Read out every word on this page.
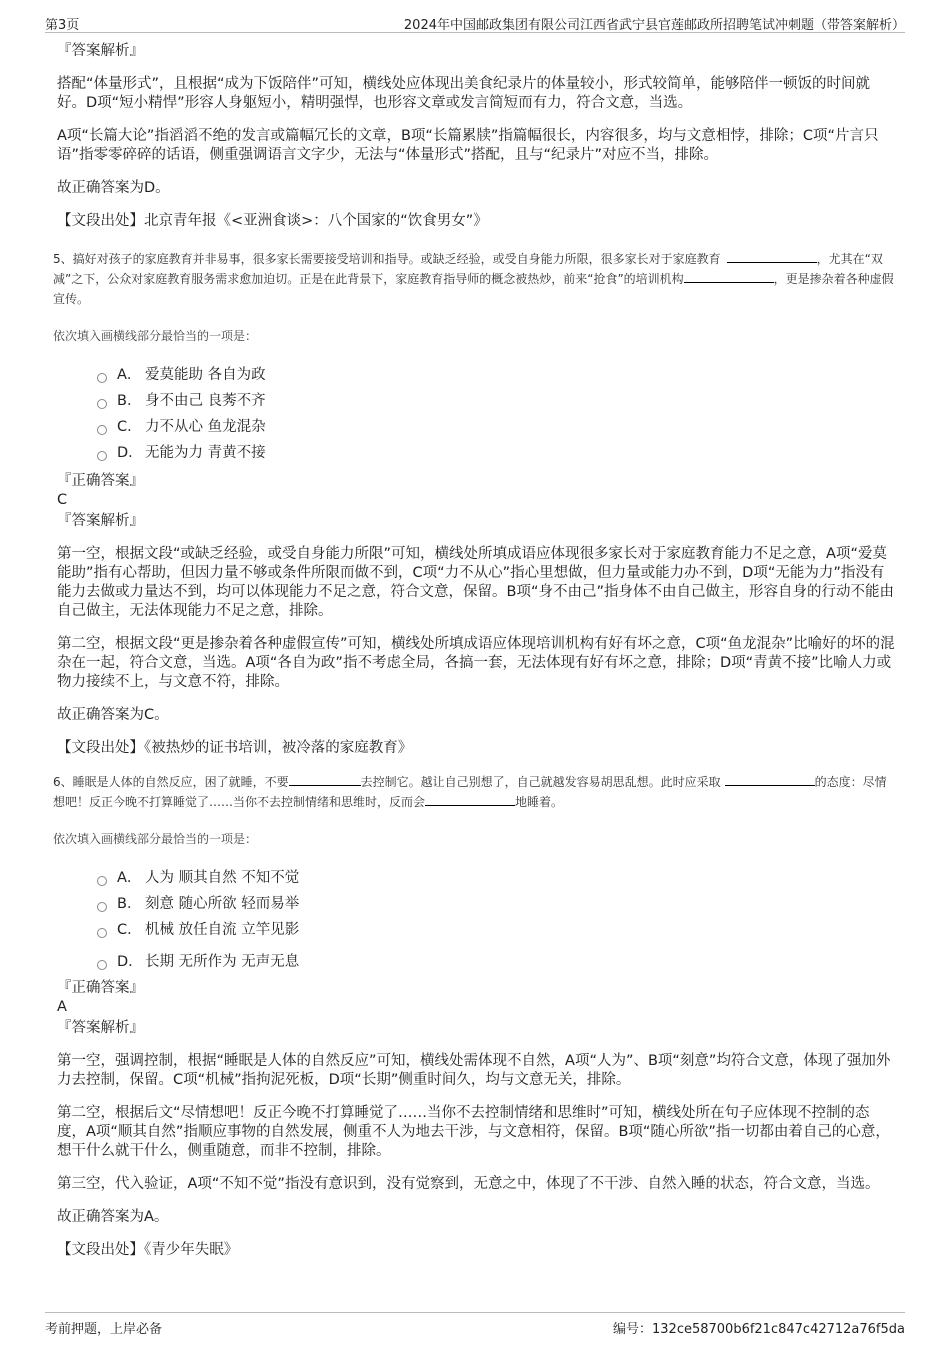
第3页	2024年中国邮政集团有限公司江西省武宁县官莲邮政所招聘笔试冲刺题（带答案解析）

『答案解析』

搭配“体量形式”，且根据“成为下饭陪伴”可知，横线处应体现出美食纪录片的体量较小，形式较简单，能够陪伴一顿饭的时间就好。D项“短小精悍”形容人身躯短小，精明强悍，也形容文章或发言简短而有力，符合文意，当选。

A项“长篇大论”指滔滔不绝的发言或篇幅冗长的文章，B项“长篇累牍”指篇幅很长，内容很多，均与文意相悖，排除；C项“片言只语”指零零碎碎的话语，侧重强调语言文字少，无法与“体量形式”搭配，且与“纪录片”对应不当，排除。

故正确答案为D。

【文段出处】北京青年报《<亚洲食谈>：八个国家的“饮食男女”》

5、搞好对孩子的家庭教育并非易事，很多家长需要接受培训和指导。或缺乏经验，或受自身能力所限，很多家长对于家庭教育	，尤其在“双减”之下，公众对家庭教育服务需求愈加迫切。正是在此背景下，家庭教育指导师的概念被热炒，前来“抢食”的培训机构	，更是掺杂着各种虚假宣传。

依次填入画横线部分最恰当的一项是：

A． 爱莫能助 各自为政
B． 身不由己 良莠不齐
C． 力不从心 鱼龙混杂
D． 无能为力 青黄不接

『正确答案』

C

『答案解析』

第一空，根据文段“或缺乏经验，或受自身能力所限”可知，横线处所填成语应体现很多家长对于家庭教育能力不足之意，A项“爱莫能助”指有心帮助，但因力量不够或条件所限而做不到，C项“力不从心”指心里想做，但力量或能力办不到，D项“无能为力”指没有能力去做或力量达不到，均可以体现能力不足之意，符合文意，保留。B项“身不由己”指身体不由自己做主，形容自身的行动不能由自己做主，无法体现能力不足之意，排除。

第二空，根据文段“更是掺杂着各种虚假宣传”可知，横线处所填成语应体现培训机构有好有坏之意，C项“鱼龙混杂”比喻好的坏的混杂在一起，符合文意，当选。A项“各自为政”指不考虑全局，各搞一套，无法体现有好有坏之意，排除；D项“青黄不接”比喻人力或物力接续不上，与文意不符，排除。

故正确答案为C。

【文段出处】《被热炒的证书培训，被冷落的家庭教育》

6、睡眠是人体的自然反应，困了就睡，不要	去控制它。越让自己别想了，自己就越发容易胡思乱想。此时应采取	的态度：尽情想吧！反正今晚不打算睡觉了……当你不去控制情绪和思维时，反而会	地睡着。

依次填入画横线部分最恰当的一项是：

A． 人为 顺其自然 不知不觉
B． 刻意 随心所欲 轻而易举
C． 机械 放任自流 立竿见影
D． 长期 无所作为 无声无息

『正确答案』

A

『答案解析』

第一空，强调控制，根据“睡眠是人体的自然反应”可知，横线处需体现不自然，A项“人为”、B项“刻意”均符合文意，体现了强加外力去控制，保留。C项“机械”指拘泥死板，D项“长期”侧重时间久，均与文意无关，排除。

第二空，根据后文“尽情想吧！反正今晚不打算睡觉了……当你不去控制情绪和思维时”可知，横线处所在句子应体现不控制的态度，A项“顺其自然”指顺应事物的自然发展，侧重不人为地去干涉，与文意相符，保留。B项“随心所欲”指一切都由着自己的心意，想干什么就干什么，侧重随意，而非不控制，排除。

第三空，代入验证，A项“不知不觉”指没有意识到，没有觉察到，无意之中，体现了不干涉、自然入睡的状态，符合文意，当选。

故正确答案为A。

【文段出处】《青少年失眠》

考前押题，上岸必备	编号：132ce58700b6f21c847c42712a76f5da
